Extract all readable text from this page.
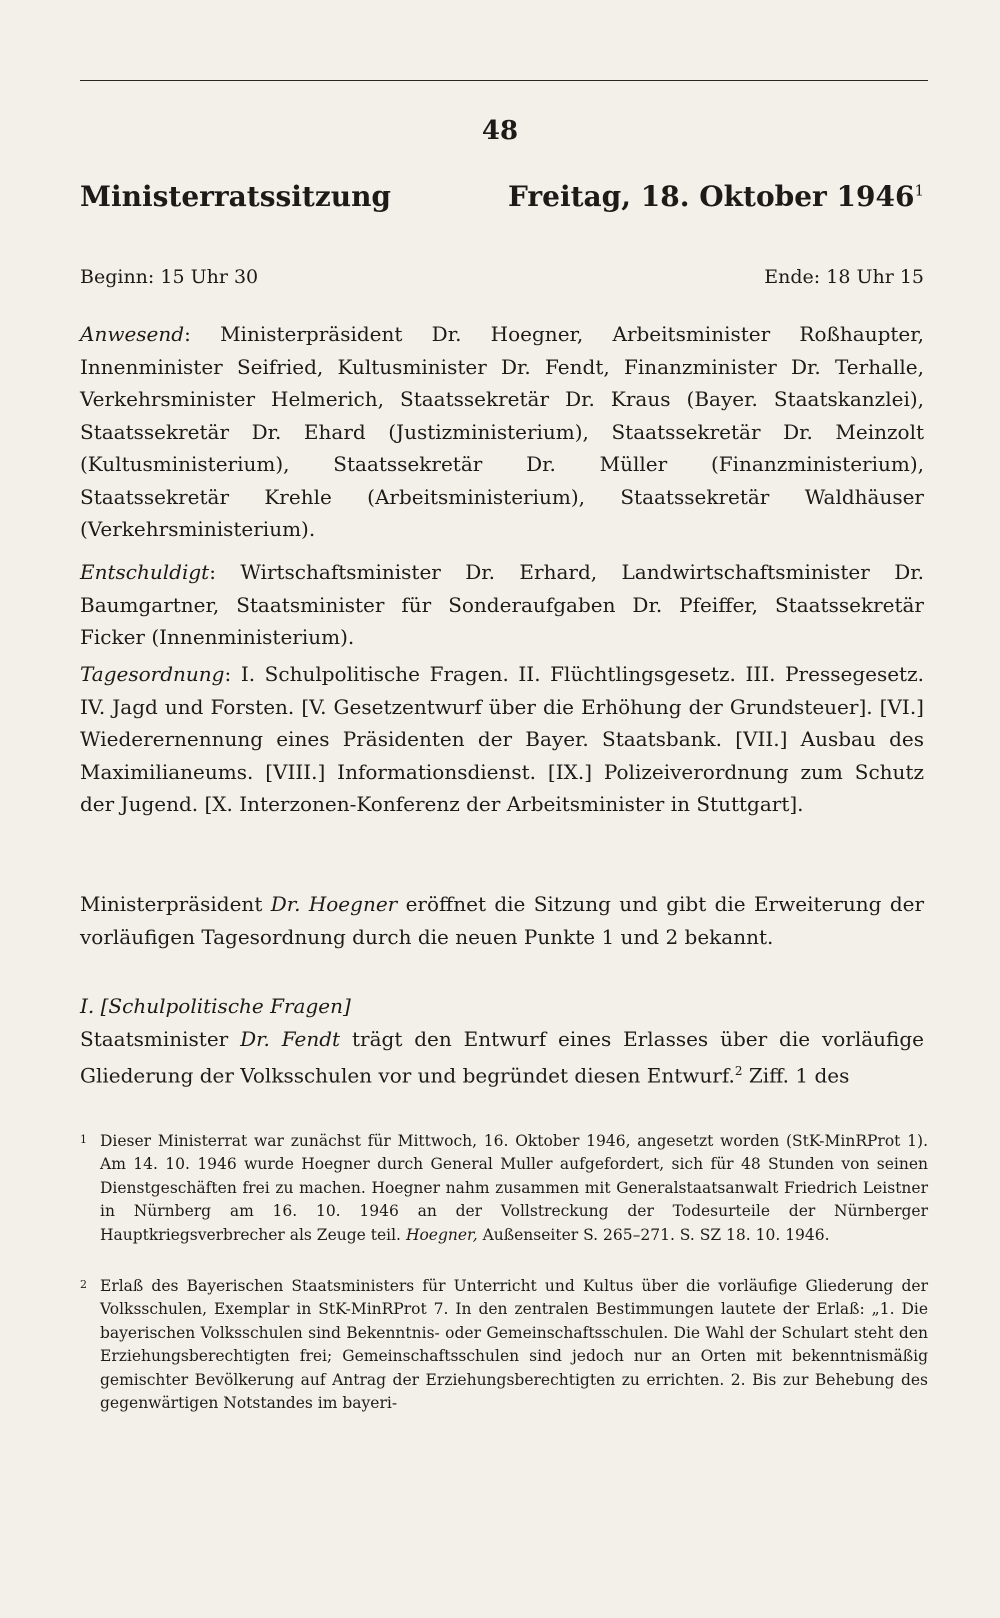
48
Ministerratssitzung	Freitag, 18. Oktober 1946$^1$
Beginn: 15 Uhr 30	Ende: 18 Uhr 15

Anwesend: Ministerpräsident Dr. Hoegner, Arbeitsminister Roßhaupter, Innenminister Seifried, Kultusminister Dr. Fendt, Finanzminister Dr. Terhalle, Verkehrsminister Helmerich, Staatssekretär Dr. Kraus (Bayer. Staatskanzlei), Staatssekretär Dr. Ehard (Justizministerium), Staatssekretär Dr. Meinzolt (Kultusministerium), Staatssekretär Dr. Müller (Finanzministerium), Staatssekretär Krehle (Arbeitsministerium), Staatssekretär Waldhäuser (Verkehrsministerium).

Entschuldigt: Wirtschaftsminister Dr. Erhard, Landwirtschaftsminister Dr. Baumgartner, Staatsminister für Sonderaufgaben Dr. Pfeiffer, Staatssekretär Ficker (Innenministerium).

Tagesordnung: I. Schulpolitische Fragen. II. Flüchtlingsgesetz. III. Pressegesetz. IV. Jagd und Forsten. [V. Gesetzentwurf über die Erhöhung der Grundsteuer]. [VI.] Wiederernennung eines Präsidenten der Bayer. Staatsbank. [VII.] Ausbau des Maximilianeums. [VIII.] Informationsdienst. [IX.] Polizeiverordnung zum Schutz der Jugend. [X. Interzonen-Konferenz der Arbeitsminister in Stuttgart].

Ministerpräsident Dr. Hoegner eröffnet die Sitzung und gibt die Erweiterung der vorläufigen Tagesordnung durch die neuen Punkte 1 und 2 bekannt.

I. [Schulpolitische Fragen]

Staatsminister Dr. Fendt trägt den Entwurf eines Erlasses über die vorläufige Gliederung der Volksschulen vor und begründet diesen Entwurf.$^2$ Ziff. 1 des

1 Dieser Ministerrat war zunächst für Mittwoch, 16. Oktober 1946, angesetzt worden (StK-MinRProt 1). Am 14. 10. 1946 wurde Hoegner durch General Muller aufgefordert, sich für 48 Stunden von seinen Dienstgeschäften frei zu machen. Hoegner nahm zusammen mit Generalstaatsanwalt Friedrich Leistner in Nürnberg am 16. 10. 1946 an der Vollstreckung der Todesurteile der Nürnberger Hauptkriegsverbrecher als Zeuge teil. Hoegner, Außenseiter S. 265–271. S. SZ 18. 10. 1946.
2 Erlaß des Bayerischen Staatsministers für Unterricht und Kultus über die vorläufige Gliederung der Volksschulen, Exemplar in StK-MinRProt 7. In den zentralen Bestimmungen lautete der Erlaß: „1. Die bayerischen Volksschulen sind Bekenntnis- oder Gemeinschaftsschulen. Die Wahl der Schulart steht den Erziehungsberechtigten frei; Gemeinschaftsschulen sind jedoch nur an Orten mit bekenntnismäßig gemischter Bevölkerung auf Antrag der Erziehungsberechtigten zu errichten. 2. Bis zur Behebung des gegenwärtigen Notstandes im bayeri-
